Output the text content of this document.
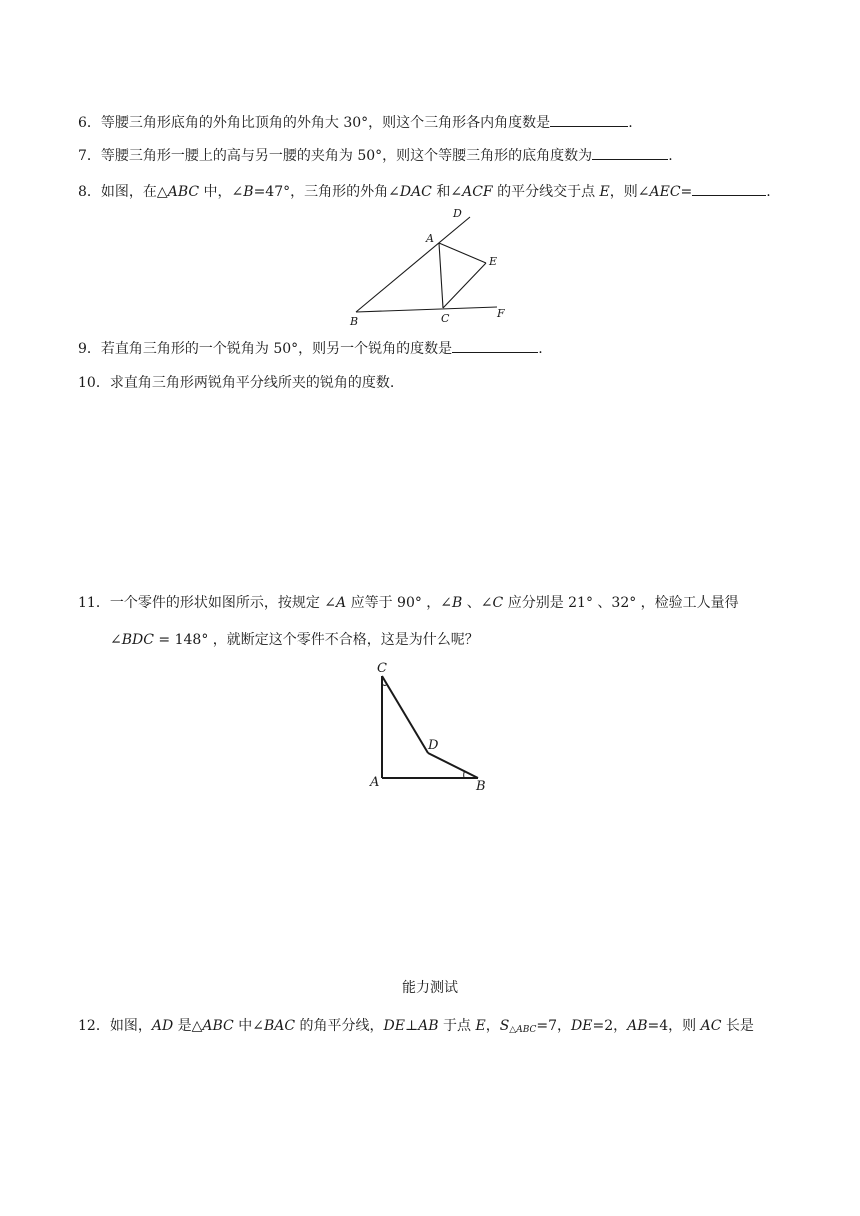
6．等腰三角形底角的外角比顶角的外角大 30°，则这个三角形各内角度数是	.
7．等腰三角形一腰上的高与另一腰的夹角为 50°，则这个等腰三角形的底角度数为	.
8．如图，在△ABC 中，∠B=47°，三角形的外角∠DAC 和∠ACF 的平分线交于点 E，则∠AEC=	.
A
B	C
D
E
F
9．若直角三角形的一个锐角为 50°，则另一个锐角的度数是	.
10．求直角三角形两锐角平分线所夹的锐角的度数.
11．一个零件的形状如图所示，按规定 ∠A 应等于 90° ，∠B 、∠C 应分别是 21° 、32° ，检验工人量得
∠BDC = 148° ，就断定这个零件不合格，这是为什么呢？
C
D
A	B
能力测试
12．如图，AD 是△ABC 中∠BAC 的角平分线，DE⊥AB 于点 E，$S_{\triangle ABC}=7$，DE=2，AB=4，则 AC 长是
